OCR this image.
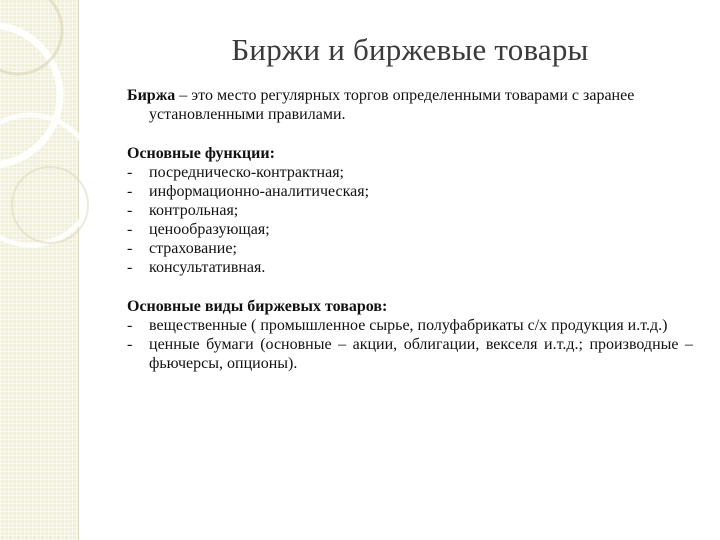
Биржи и биржевые товары

Биржа – это место регулярных торгов определенными товарами с заранее установленными правилами.

Основные функции:
- посредническо-контрактная;
- информационно-аналитическая;
- контрольная;
- ценообразующая;
- страхование;
- консультативная.
Основные виды биржевых товаров:
- вещественные ( промышленное сырье, полуфабрикаты с/х продукция и.т.д.)
- ценные бумаги (основные – акции, облигации, векселя и.т.д.; производные – фьючерсы, опционы).
